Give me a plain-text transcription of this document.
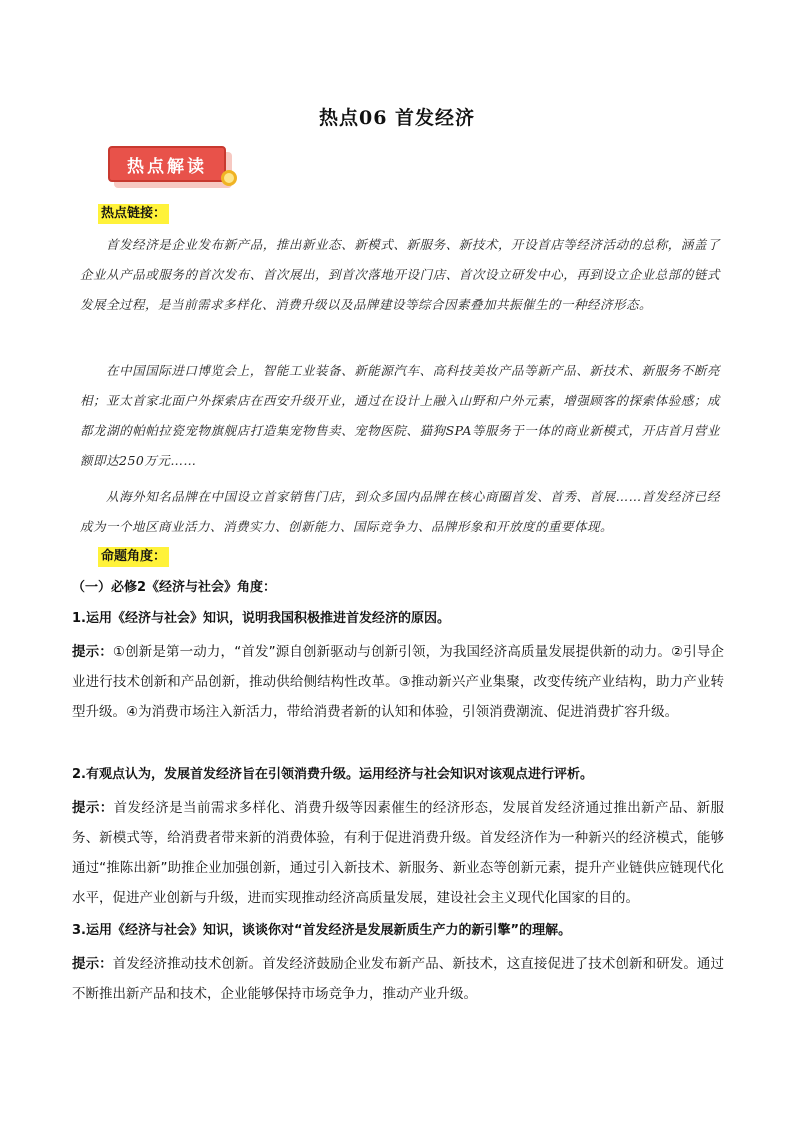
热点06 首发经济
热点解读

热点链接：

首发经济是企业发布新产品，推出新业态、新模式、新服务、新技术，开设首店等经济活动的总称，涵盖了企业从产品或服务的首次发布、首次展出，到首次落地开设门店、首次设立研发中心，再到设立企业总部的链式发展全过程，是当前需求多样化、消费升级以及品牌建设等综合因素叠加共振催生的一种经济形态。

在中国国际进口博览会上，智能工业装备、新能源汽车、高科技美妆产品等新产品、新技术、新服务不断亮相；亚太首家北面户外探索店在西安升级开业，通过在设计上融入山野和户外元素，增强顾客的探索体验感；成都龙湖的帕帕拉瓷宠物旗舰店打造集宠物售卖、宠物医院、猫狗SPA等服务于一体的商业新模式，开店首月营业额即达250万元……

从海外知名品牌在中国设立首家销售门店，到众多国内品牌在核心商圈首发、首秀、首展……首发经济已经成为一个地区商业活力、消费实力、创新能力、国际竞争力、品牌形象和开放度的重要体现。

命题角度：

（一）必修2《经济与社会》角度：

1.运用《经济与社会》知识，说明我国积极推进首发经济的原因。

提示：①创新是第一动力，“首发”源自创新驱动与创新引领，为我国经济高质量发展提供新的动力。②引导企业进行技术创新和产品创新，推动供给侧结构性改革。③推动新兴产业集聚，改变传统产业结构，助力产业转型升级。④为消费市场注入新活力，带给消费者新的认知和体验，引领消费潮流、促进消费扩容升级。

2.有观点认为，发展首发经济旨在引领消费升级。运用经济与社会知识对该观点进行评析。

提示：首发经济是当前需求多样化、消费升级等因素催生的经济形态，发展首发经济通过推出新产品、新服务、新模式等，给消费者带来新的消费体验，有利于促进消费升级。首发经济作为一种新兴的经济模式，能够通过“推陈出新”助推企业加强创新，通过引入新技术、新服务、新业态等创新元素，提升产业链供应链现代化水平，促进产业创新与升级，进而实现推动经济高质量发展，建设社会主义现代化国家的目的。

3.运用《经济与社会》知识，谈谈你对“首发经济是发展新质生产力的新引擎”的理解。

提示：首发经济推动技术创新。首发经济鼓励企业发布新产品、新技术，这直接促进了技术创新和研发。通过不断推出新产品和技术，企业能够保持市场竞争力，推动产业升级。
